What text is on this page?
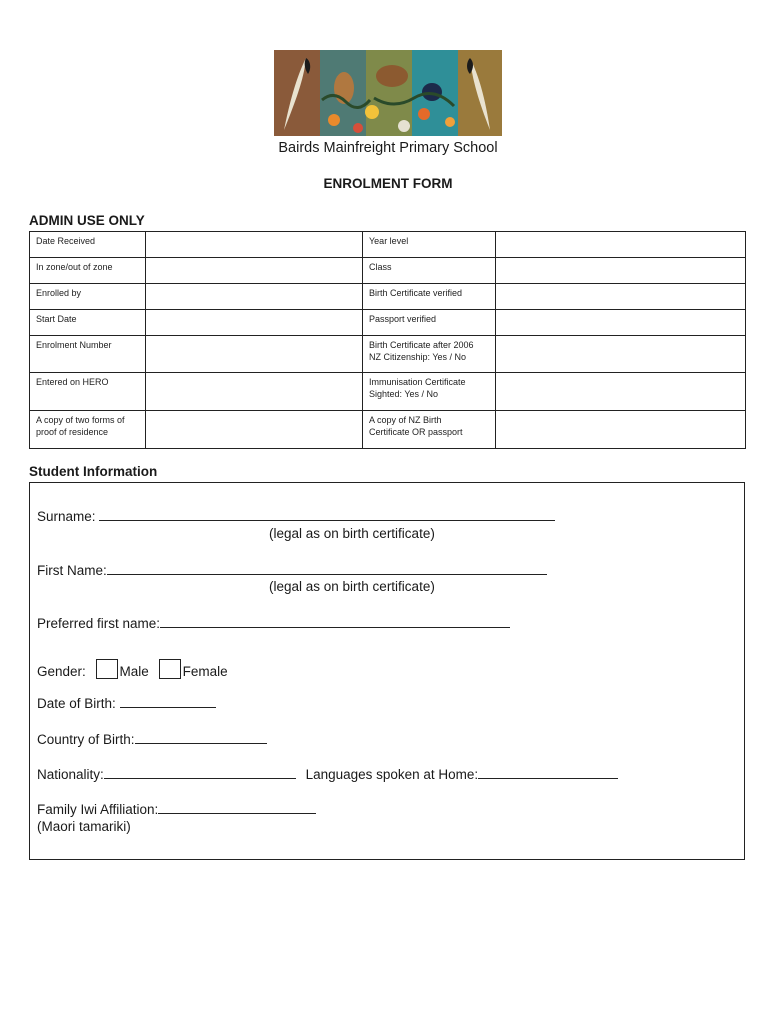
Bairds Mainfreight Primary School
ENROLMENT FORM
ADMIN USE ONLY
Date Received		Year level	
In zone/out of zone		Class	
Enrolled by		Birth Certificate verified	
Start Date		Passport verified	
Enrolment Number		Birth Certificate after 2006
NZ Citizenship: Yes / No	
Entered on HERO		Immunisation Certificate
Sighted: Yes / No	
A copy of two forms of
proof of residence		A copy of NZ Birth
Certificate OR passport	
Student Information
Surname:
(legal as on birth certificate)
First Name:
(legal as on birth certificate)
Preferred first name:
Gender:	Male	Female
Date of Birth:
Country of Birth:
Nationality:	Languages spoken at Home:
Family Iwi Affiliation:
(Maori tamariki)
